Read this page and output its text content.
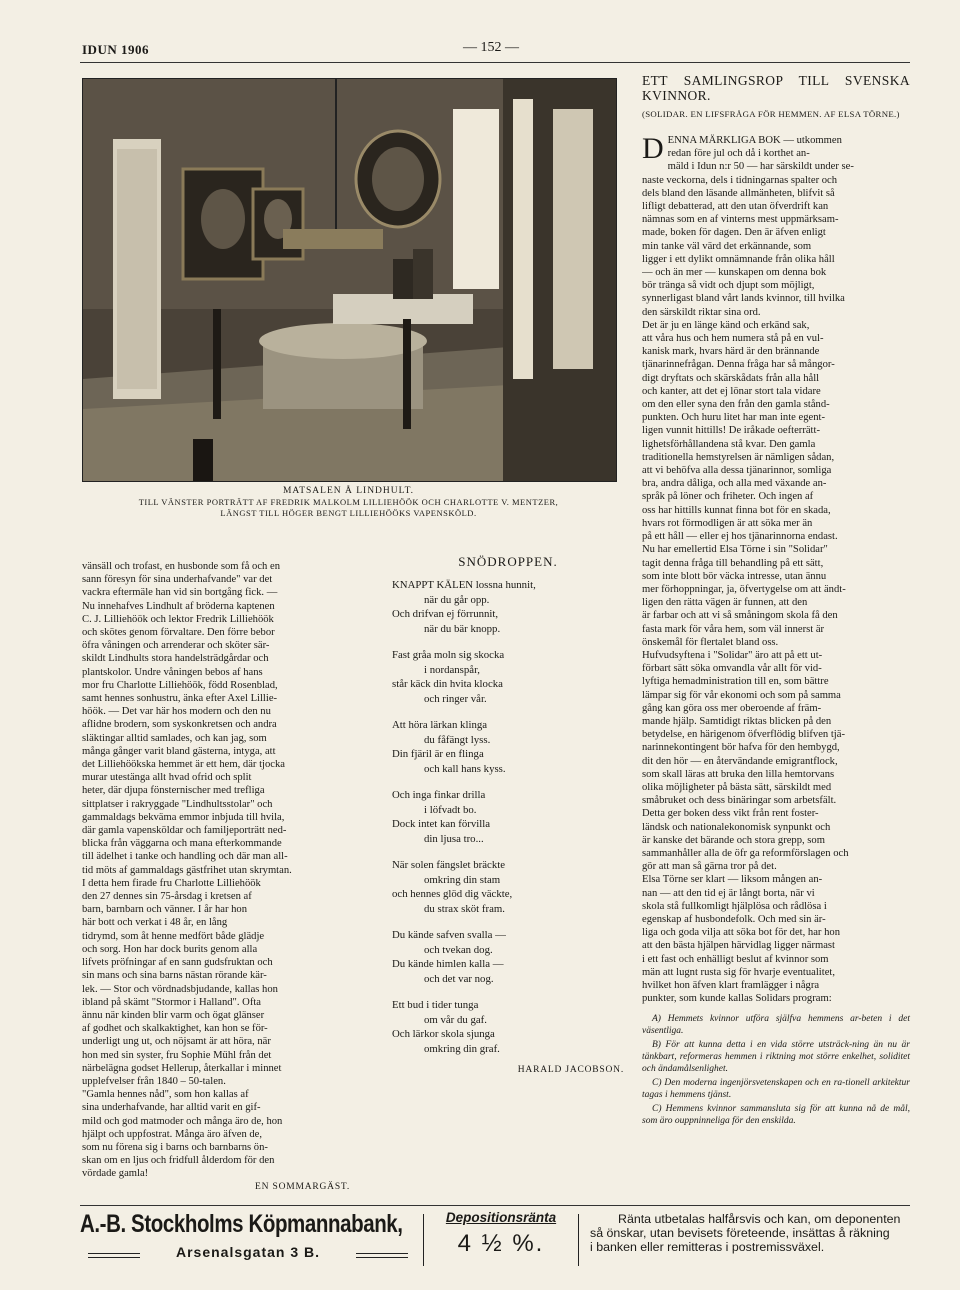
IDUN 1906	— 152 —
MATSALEN Å LINDHULT.
TILL VÄNSTER PORTRÄTT AF FREDRIK MALKOLM LILLIEHÖÖK OCH CHARLOTTE V. MENTZER,
LÄNGST TILL HÖGER BENGT LILLIEHÖÖKS VAPENSKÖLD.
vänsäll och trofast, en husbonde som få och en
sann föresyn för sina underhafvande" var det
vackra eftermäle han vid sin bortgång fick. —
Nu innehafves Lindhult af bröderna kaptenen
C. J. Lilliehöök och lektor Fredrik Lilliehöök
och skötes genom förvaltare. Den förre bebor
öfra våningen och arrenderar och sköter sär-
skildt Lindhults stora handelsträdgårdar och
plantskolor. Undre våningen bebos af hans
mor fru Charlotte Lilliehöök, född Rosenblad,
samt hennes sonhustru, änka efter Axel Lillie-
höök. — Det var här hos modern och den nu
aflidne brodern, som syskonkretsen och andra
släktingar alltid samlades, och kan jag, som
många gånger varit bland gästerna, intyga, att
det Lilliehöökska hemmet är ett hem, där tjocka
murar utestänga allt hvad ofrid och split
heter, där djupa fönsternischer med trefliga
sittplatser i rakryggade "Lindhultsstolar" och
gammaldags bekväma emmor inbjuda till hvila,
där gamla vapensköldar och familjeporträtt ned-
blicka från väggarna och mana efterkommande
till ädelhet i tanke och handling och där man all-
tid möts af gammaldags gästfrihet utan skrymtan.
I detta hem firade fru Charlotte Lilliehöök
den 27 dennes sin 75-årsdag i kretsen af
barn, barnbarn och vänner. I år har hon
här bott och verkat i 48 år, en lång
tidrymd, som åt henne medfört både glädje
och sorg. Hon har dock burits genom alla
lifvets pröfningar af en sann gudsfruktan och
sin mans och sina barns nästan rörande kär-
lek. — Stor och vördnadsbjudande, kallas hon
ibland på skämt "Stormor i Halland". Ofta
ännu när kinden blir varm och ögat glänser
af godhet och skalkaktighet, kan hon se för-
underligt ung ut, och nöjsamt är att höra, när
hon med sin syster, fru Sophie Mühl från det
närbelägna godset Hellerup, återkallar i minnet
upplefvelser från 1840 – 50-talen.
"Gamla hennes nåd", som hon kallas af
sina underhafvande, har alltid varit en gif-
mild och god matmoder och många äro de, hon
hjälpt och uppfostrat. Många äro äfven de,
som nu förena sig i barns och barnbarns ön-
skan om en ljus och fridfull ålderdom för den
vördade gamla!
EN SOMMARGÄST.
SNÖDROPPEN.
KNAPPT KÄLEN lossna hunnit,
när du går opp.
Och drifvan ej förrunnit,
när du bär knopp.
Fast gråa moln sig skocka
i nordanspår,
står käck din hvita klocka
och ringer vår.
Att höra lärkan klinga
du fåfängt lyss.
Din fjäril är en flinga
och kall hans kyss.
Och inga finkar drilla
i löfvadt bo.
Dock intet kan förvilla
din ljusa tro...
När solen fängslet bräckte
omkring din stam
och hennes glöd dig väckte,
du strax sköt fram.
Du kände safven svalla —
och tvekan dog.
Du kände himlen kalla —
och det var nog.
Ett bud i tider tunga
om vår du gaf.
Och lärkor skola sjunga
omkring din graf.
HARALD JACOBSON.
ETT SAMLINGSROP TILL SVENSKA KVINNOR.
(SOLIDAR. EN LIFSFRÅGA FÖR HEMMEN. AF ELSA TÖRNE.)
D ENNA MÄRKLIGA BOK — utkommen
redan före jul och då i korthet an-
mäld i Idun n:r 50 — har särskildt under se-
naste veckorna, dels i tidningarnas spalter och
dels bland den läsande allmänheten, blifvit så
lifligt debatterad, att den utan öfverdrift kan
nämnas som en af vinterns mest uppmärksam-
made, boken för dagen. Den är äfven enligt
min tanke väl värd det erkännande, som
ligger i ett dylikt omnämnande från olika håll
— och än mer — kunskapen om denna bok
bör tränga så vidt och djupt som möjligt,
synnerligast bland vårt lands kvinnor, till hvilka
den särskildt riktar sina ord.
Det är ju en länge känd och erkänd sak,
att våra hus och hem numera stå på en vul-
kanisk mark, hvars härd är den brännande
tjänarinnefrågan. Denna fråga har så mångor-
digt dryftats och skärskådats från alla håll
och kanter, att det ej lönar stort tala vidare
om den eller syna den från den gamla stånd-
punkten. Och huru litet har man inte egent-
ligen vunnit hittills! De iråkade oefterrätt-
lighetsförhållandena stå kvar. Den gamla
traditionella hemstyrelsen är nämligen sådan,
att vi behöfva alla dessa tjänarinnor, somliga
bra, andra dåliga, och alla med växande an-
språk på löner och friheter. Och ingen af
oss har hittills kunnat finna bot för en skada,
hvars rot förmodligen är att söka mer än
på ett håll — eller ej hos tjänarinnorna endast.
Nu har emellertid Elsa Törne i sin "Solidar"
tagit denna fråga till behandling på ett sätt,
som inte blott bör väcka intresse, utan ännu
mer förhoppningar, ja, öfvertygelse om att ändt-
ligen den rätta vägen är funnen, att den
är farbar och att vi så småningom skola få den
fasta mark för våra hem, som väl innerst är
önskemål för flertalet bland oss.
Hufvudsyftena i "Solidar" äro att på ett ut-
förbart sätt söka omvandla vår allt för vid-
lyftiga hemadministration till en, som bättre
lämpar sig för vår ekonomi och som på samma
gång kan göra oss mer oberoende af främ-
mande hjälp. Samtidigt riktas blicken på den
betydelse, en härigenom öfverflödig blifven tjä-
narinnekontingent bör hafva för den hembygd,
dit den hör — en återvändande emigrantflock,
som skall läras att bruka den lilla hemtorvans
olika möjligheter på bästa sätt, särskildt med
småbruket och dess binäringar som arbetsfält.
Detta ger boken dess vikt från rent foster-
ländsk och nationalekonomisk synpunkt och
är kanske det bärande och stora grepp, som
sammanhåller alla de öfr ga reformförslagen och
gör att man så gärna tror på det.
Elsa Törne ser klart — liksom mången an-
nan — att den tid ej är långt borta, när vi
skola stå fullkomligt hjälplösa och rådlösa i
egenskap af husbondefolk. Och med sin är-
liga och goda vilja att söka bot för det, har hon
att den bästa hjälpen härvidlag ligger närmast
i ett fast och enhälligt beslut af kvinnor som
män att lugnt rusta sig för hvarje eventualitet,
hvilket hon äfven klart framlägger i några
punkter, som kunde kallas Solidars program:

A) Hemmets kvinnor utföra själfva hemmens ar-beten i det väsentliga.

B) För att kunna detta i en vida större utsträck-ning än nu är tänkbart, reformeras hemmen i riktning mot större enkelhet, soliditet och ändamålsenlighet.

C) Den moderna ingenjörsvetenskapen och en ra-tionell arkitektur tagas i hemmens tjänst.

C) Hemmens kvinnor sammansluta sig för att kunna nå de mål, som äro ouppninneliga för den enskilda.

A.-B. Stockholms Köpmannabank,
Arsenalsgatan 3 B.
Depositionsränta
4 ½ %.
Ränta utbetalas halfårsvis och kan, om deponenten
så önskar, utan bevisets företeende, insättas å räkning
i banken eller remitteras i postremissväxel.
